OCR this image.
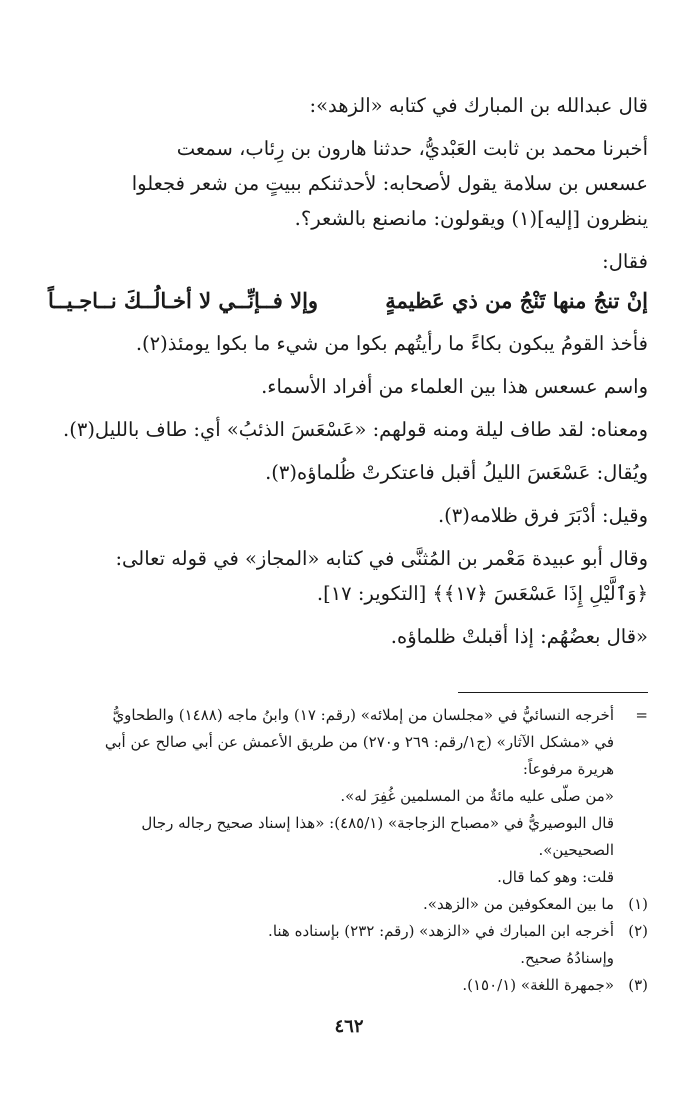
قال عبدالله بن المبارك في كتابه «الزهد»:
أخبرنا محمد بن ثابت العَبْديُّ، حدثنا هارون بن رِئاب، سمعت
عسعس بن سلامة يقول لأصحابه: لأحدثنكم ببيتٍ من شعر فجعلوا
ينظرون [إليه](١) ويقولون: مانصنع بالشعر؟.
فقال:
إنْ تنجُ منها تَنْجُ من ذي عَظيمةٍ
وإلا فــإنِّــي لا أخـالُــكَ نــاجـيــاً
فأخذ القومُ يبكون بكاءً ما رأيتُهم بكوا من شيء ما بكوا يومئذ(٢).
واسم عسعس هذا بين العلماء من أفراد الأسماء.
ومعناه: لقد طاف ليلة ومنه قولهم: «عَسْعَسَ الذئبُ» أي: طاف بالليل(٣).
ويُقال: عَسْعَسَ الليلُ أقبل فاعتكرتْ ظُلماؤه(٣).
وقيل: أدْبَرَ فرق ظلامه(٣).
وقال أبو عبيدة مَعْمر بن المُثنَّى في كتابه «المجاز» في قوله تعالى:
﴿وَٱلَّيْلِ إِذَا عَسْعَسَ ﴿١٧﴾﴾ [التكوير: ١٧].
«قال بعضُهُم: إذا أقبلتْ ظلماؤه.
=
أخرجه النسائيُّ في «مجلسان من إملائه» (رقم: ١٧) وابنُ ماجه (١٤٨٨) والطحاويُّ
في «مشكل الآثار» (ج١/رقم: ٢٦٩ و٢٧٠) من طريق الأعمش عن أبي صالح عن أبي
هريرة مرفوعاً:
«من صلّى عليه مائةٌ من المسلمين غُفِرَ له».
قال البوصيريُّ في «مصباح الزجاجة» (٤٨٥/١): «هذا إسناد صحيح رجاله رجال
الصحيحين».
قلت: وهو كما قال.
(١)
ما بين المعكوفين من «الزهد».
(٢)
أخرجه ابن المبارك في «الزهد» (رقم: ٢٣٢) بإسناده هنا.
وإسنادُهُ صحيح.
(٣)
«جمهرة اللغة» (١٥٠/١).
٤٦٢
